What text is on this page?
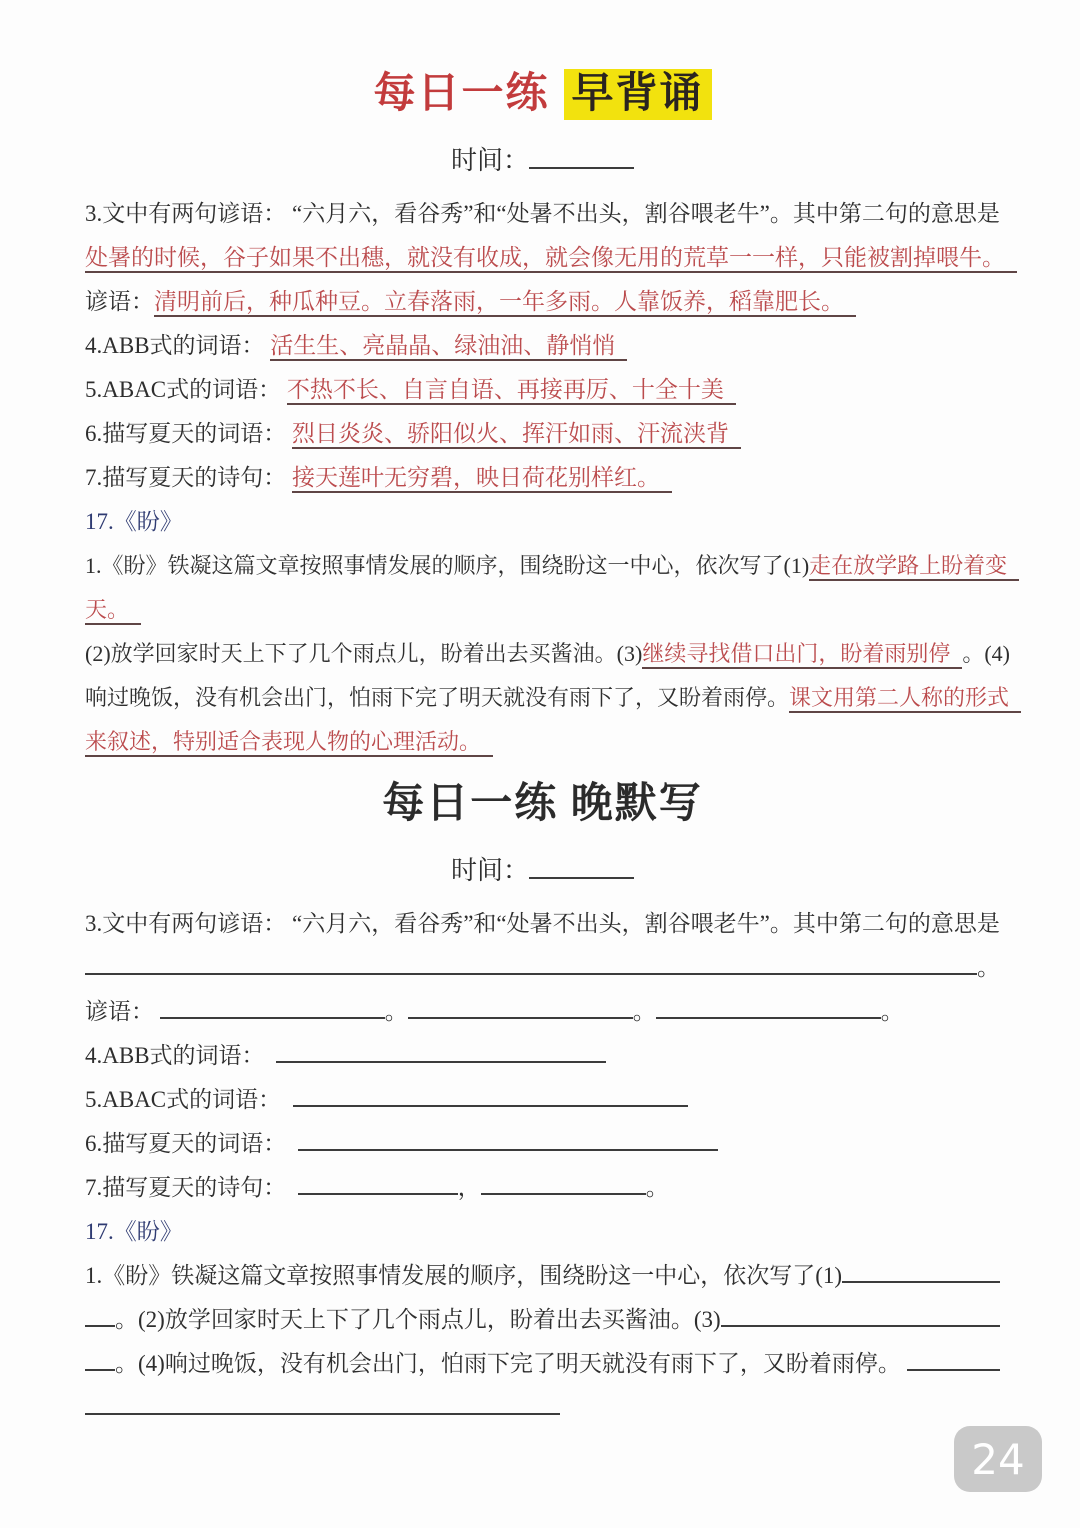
每日一练 早背诵
时间：
3.文中有两句谚语： “六月六，看谷秀”和“处暑不出头，割谷喂老牛”。其中第二句的意思是
处暑的时候，谷子如果不出穗，就没有收成，就会像无用的荒草一一样，只能被割掉喂牛。
谚语：清明前后，种瓜种豆。立春落雨，一年多雨。人靠饭养，稻靠肥长。
4.ABB式的词语： 活生生、亮晶晶、绿油油、静悄悄
5.ABAC式的词语： 不热不长、自言自语、再接再厉、十全十美
6.描写夏天的词语： 烈日炎炎、骄阳似火、挥汗如雨、汗流浃背
7.描写夏天的诗句： 接天莲叶无穷碧，映日荷花别样红。
17.《盼》
1.《盼》铁凝这篇文章按照事情发展的顺序，围绕盼这一中心，依次写了(1)走在放学路上盼着变
天。
(2)放学回家时天上下了几个雨点儿，盼着出去买酱油。(3)继续寻找借口出门，盼着雨别停 。(4)
响过晚饭，没有机会出门，怕雨下完了明天就没有雨下了，又盼着雨停。课文用第二人称的形式
来叙述，特别适合表现人物的心理活动。
每日一练 晚默写
时间：
3.文中有两句谚语： “六月六，看谷秀”和“处暑不出头，割谷喂老牛”。其中第二句的意思是
。
谚语：	。	。	。
4.ABB式的词语：
5.ABAC式的词语：
6.描写夏天的词语：
7.描写夏天的诗句：	，	。
17.《盼》
1.《盼》铁凝这篇文章按照事情发展的顺序，围绕盼这一中心，依次写了(1)
。 (2)放学回家时天上下了几个雨点儿，盼着出去买酱油。(3)
。 (4)响过晚饭，没有机会出门，怕雨下完了明天就没有雨下了，又盼着雨停。

24
